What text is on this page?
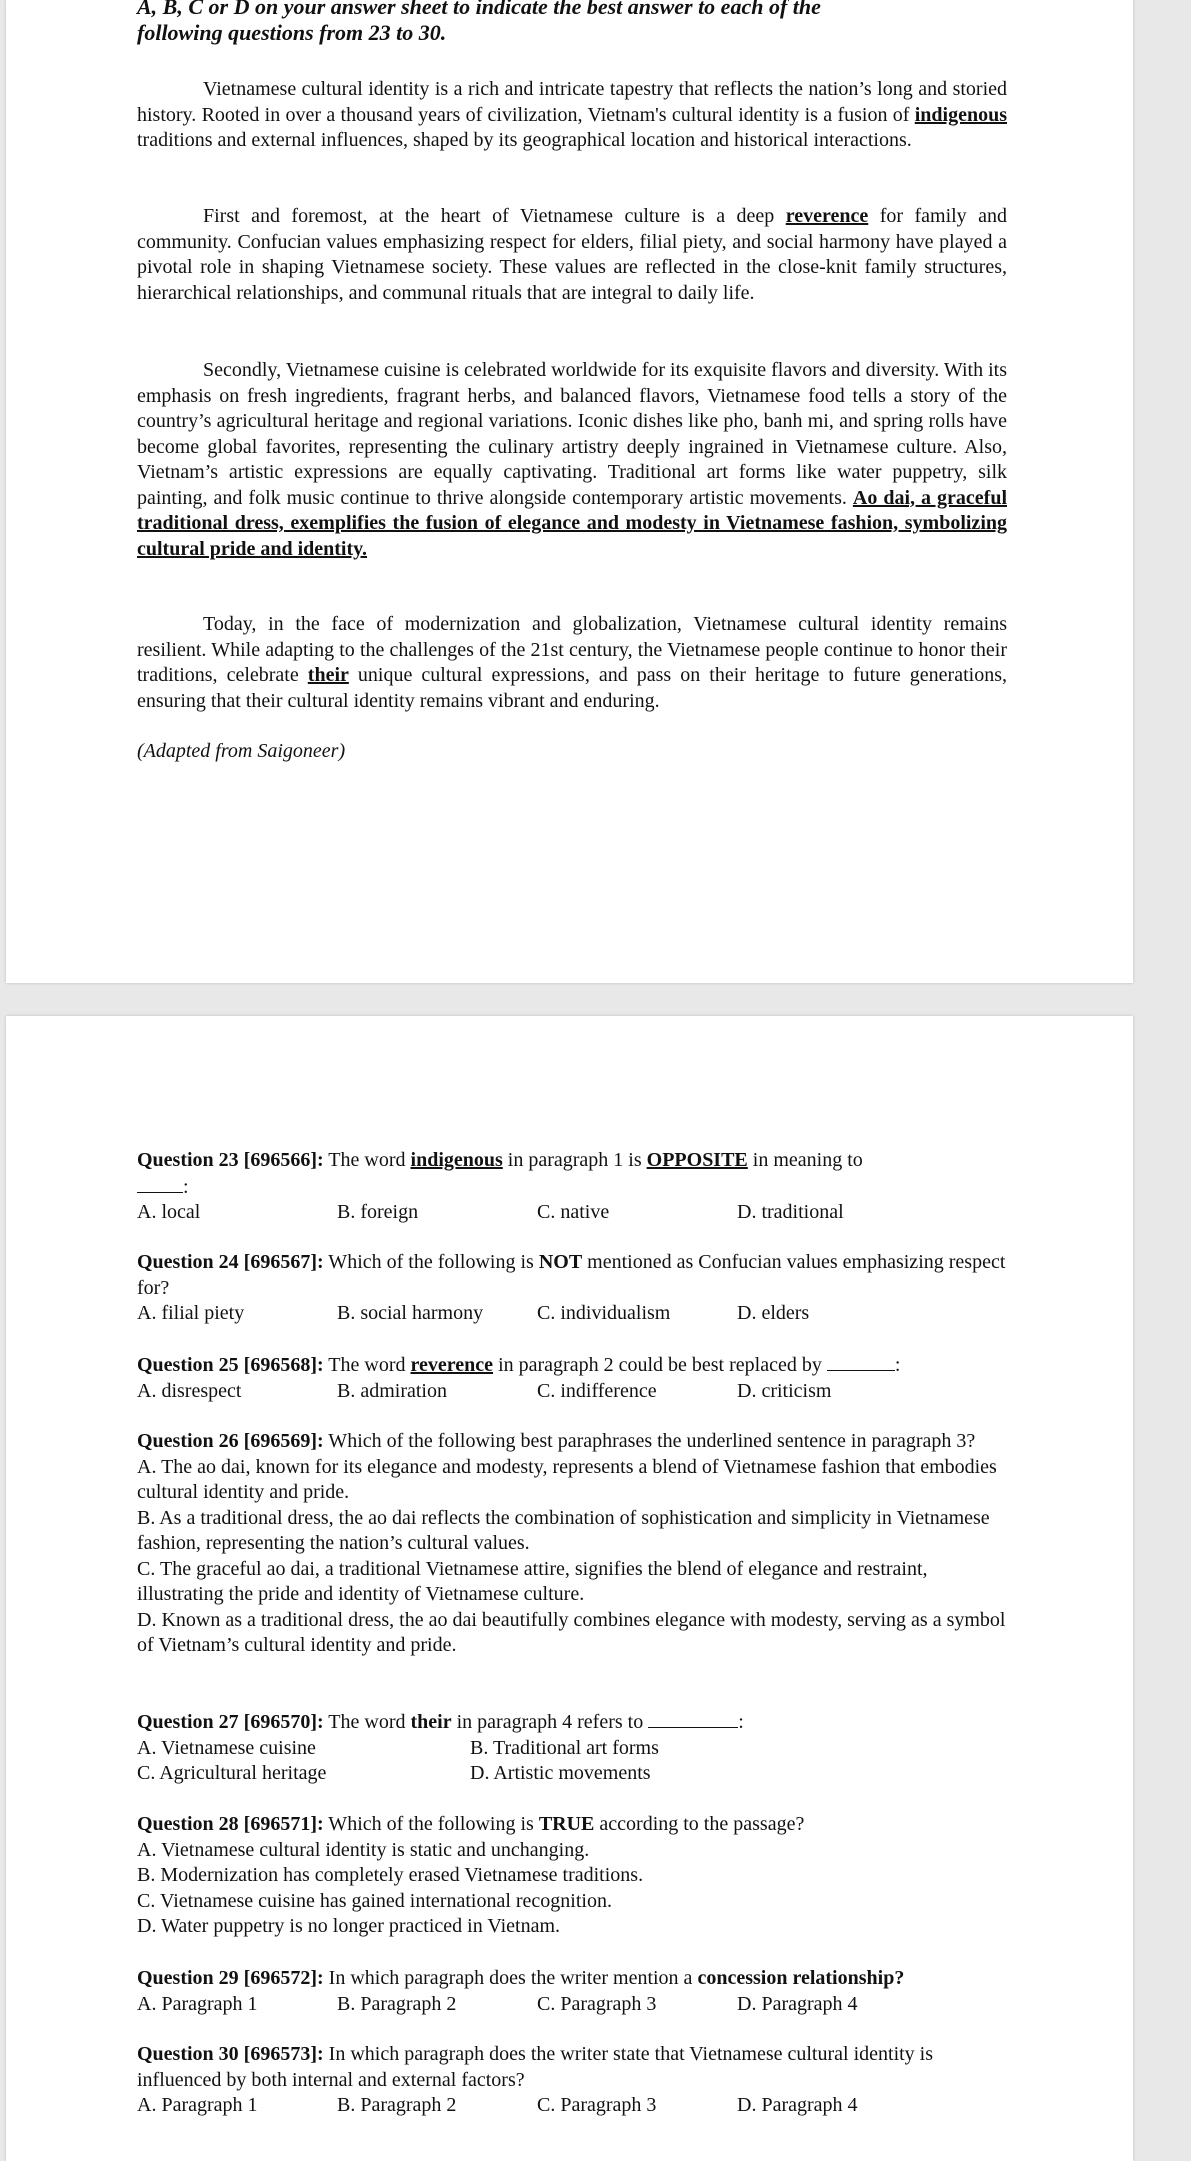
A, B, C or D on your answer sheet to indicate the best answer to each of the

following questions from 23 to 30.

Vietnamese cultural identity is a rich and intricate tapestry that reflects the nation’s long and storied history. Rooted in over a thousand years of civilization, Vietnam's cultural identity is a fusion of indigenous traditions and external influences, shaped by its geographical location and historical interactions.

First and foremost, at the heart of Vietnamese culture is a deep reverence for family and community. Confucian values emphasizing respect for elders, filial piety, and social harmony have played a pivotal role in shaping Vietnamese society. These values are reflected in the close-knit family structures, hierarchical relationships, and communal rituals that are integral to daily life.

Secondly, Vietnamese cuisine is celebrated worldwide for its exquisite flavors and diversity. With its emphasis on fresh ingredients, fragrant herbs, and balanced flavors, Vietnamese food tells a story of the country’s agricultural heritage and regional variations. Iconic dishes like pho, banh mi, and spring rolls have become global favorites, representing the culinary artistry deeply ingrained in Vietnamese culture. Also, Vietnam’s artistic expressions are equally captivating. Traditional art forms like water puppetry, silk painting, and folk music continue to thrive alongside contemporary artistic movements. Ao dai, a graceful traditional dress, exemplifies the fusion of elegance and modesty in Vietnamese fashion, symbolizing cultural pride and identity.

Today, in the face of modernization and globalization, Vietnamese cultural identity remains resilient. While adapting to the challenges of the 21st century, the Vietnamese people continue to honor their traditions, celebrate their unique cultural expressions, and pass on their heritage to future generations, ensuring that their cultural identity remains vibrant and enduring.

(Adapted from Saigoneer)

Question 23 [696566]: The word indigenous in paragraph 1 is OPPOSITE in meaning to

:

A. local	B. foreign	C. native	D. traditional

Question 24 [696567]: Which of the following is NOT mentioned as Confucian values emphasizing respect for?

A. filial piety	B. social harmony	C. individualism	D. elders

Question 25 [696568]: The word reverence in paragraph 2 could be best replaced by	:

A. disrespect	B. admiration	C. indifference	D. criticism

Question 26 [696569]: Which of the following best paraphrases the underlined sentence in paragraph 3?

A. The ao dai, known for its elegance and modesty, represents a blend of Vietnamese fashion that embodies cultural identity and pride.

B. As a traditional dress, the ao dai reflects the combination of sophistication and simplicity in Vietnamese fashion, representing the nation’s cultural values.

C. The graceful ao dai, a traditional Vietnamese attire, signifies the blend of elegance and restraint, illustrating the pride and identity of Vietnamese culture.

D. Known as a traditional dress, the ao dai beautifully combines elegance with modesty, serving as a symbol of Vietnam’s cultural identity and pride.

Question 27 [696570]: The word their in paragraph 4 refers to	:

A. Vietnamese cuisine	B. Traditional art forms
C. Agricultural heritage	D. Artistic movements

Question 28 [696571]: Which of the following is TRUE according to the passage?

A. Vietnamese cultural identity is static and unchanging.

B. Modernization has completely erased Vietnamese traditions.

C. Vietnamese cuisine has gained international recognition.

D. Water puppetry is no longer practiced in Vietnam.

Question 29 [696572]: In which paragraph does the writer mention a concession relationship?

A. Paragraph 1	B. Paragraph 2	C. Paragraph 3	D. Paragraph 4

Question 30 [696573]: In which paragraph does the writer state that Vietnamese cultural identity is influenced by both internal and external factors?

A. Paragraph 1	B. Paragraph 2	C. Paragraph 3	D. Paragraph 4
